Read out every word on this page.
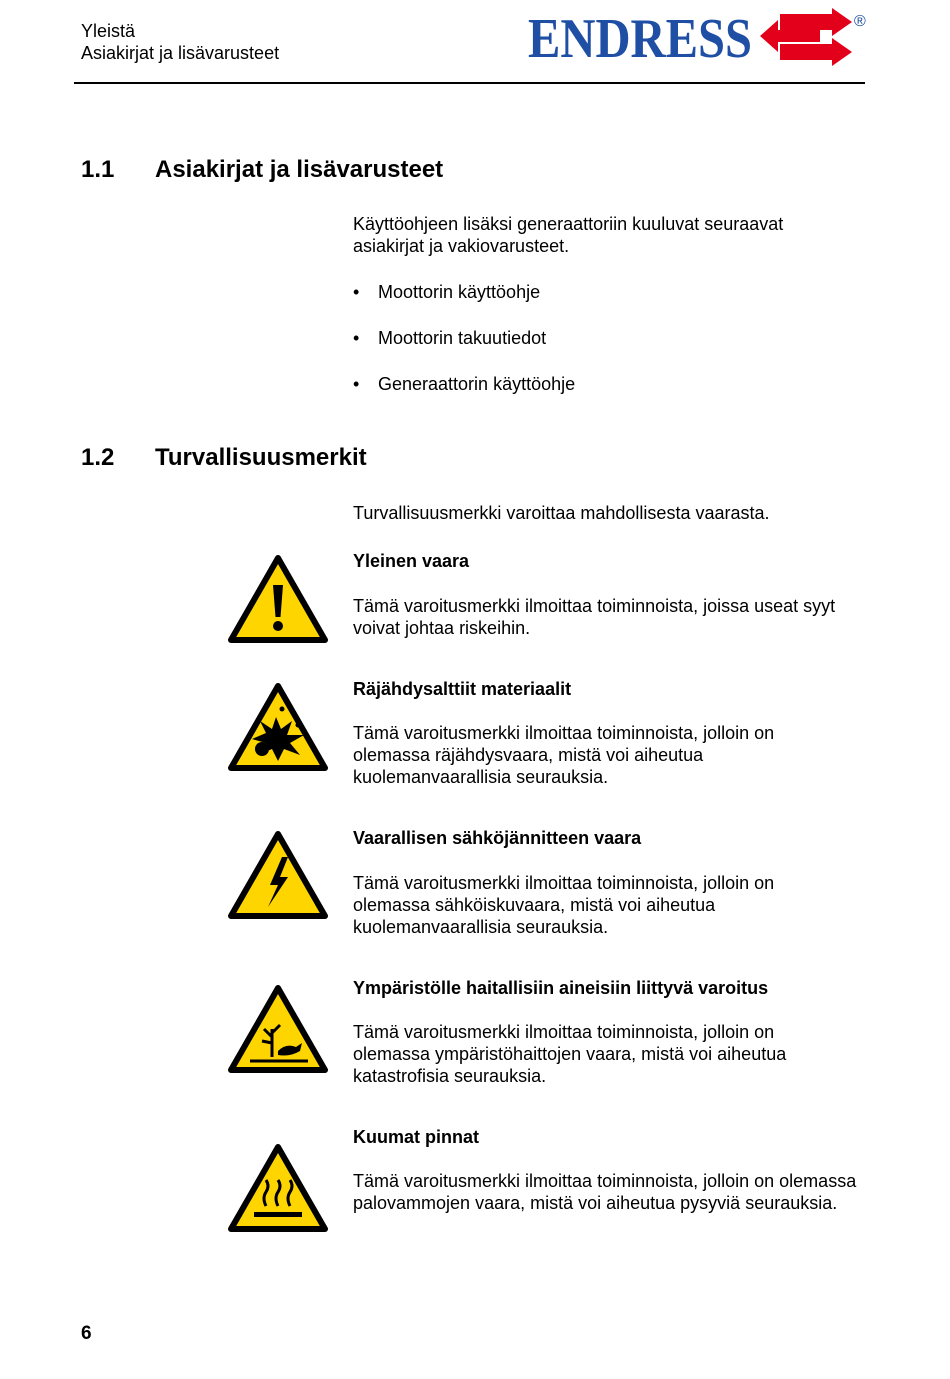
Yleistä
Asiakirjat ja lisävarusteet	ENDRESS	®
1.1 Asiakirjat ja lisävarusteet
Käyttöohjeen lisäksi generaattoriin kuuluvat seuraavat asiakirjat ja vakiovarusteet.
• Moottorin käyttöohje
• Moottorin takuutiedot
• Generaattorin käyttöohje
1.2 Turvallisuusmerkit
Turvallisuusmerkki varoittaa mahdollisesta vaarasta.
Yleinen vaara
Tämä varoitusmerkki ilmoittaa toiminnoista, joissa useat syyt voivat johtaa riskeihin.
Räjähdysalttiit materiaalit
Tämä varoitusmerkki ilmoittaa toiminnoista, jolloin on olemassa räjähdysvaara, mistä voi aiheutua kuolemanvaarallisia seurauksia.
Vaarallisen sähköjännitteen vaara
Tämä varoitusmerkki ilmoittaa toiminnoista, jolloin on olemassa sähköiskuvaara, mistä voi aiheutua kuolemanvaarallisia seurauksia.
Ympäristölle haitallisiin aineisiin liittyvä varoitus
Tämä varoitusmerkki ilmoittaa toiminnoista, jolloin on olemassa ympäristöhaittojen vaara, mistä voi aiheutua katastrofisia seurauksia.
Kuumat pinnat
Tämä varoitusmerkki ilmoittaa toiminnoista, jolloin on olemassa palovammojen vaara, mistä voi aiheutua pysyviä seurauksia.
6
